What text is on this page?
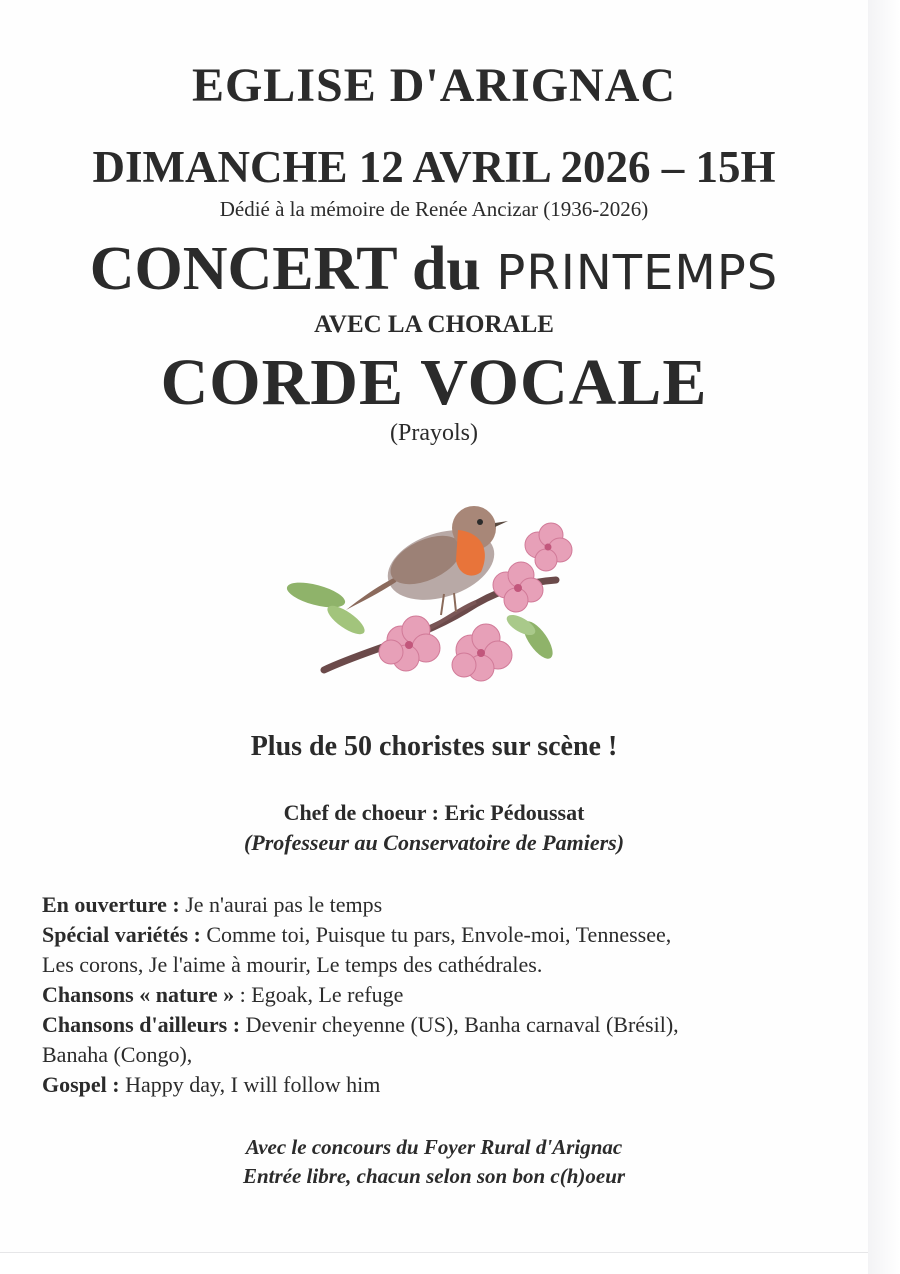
EGLISE D'ARIGNAC
DIMANCHE 12 AVRIL 2026 – 15H
Dédié à la mémoire de Renée Ancizar (1936-2026)
CONCERT du PRINTEMPS
AVEC LA CHORALE
CORDE VOCALE
(Prayols)
Plus de 50 choristes sur scène !
Chef de choeur : Eric Pédoussat
(Professeur au Conservatoire de Pamiers)
En ouverture : Je n'aurai pas le temps
Spécial variétés : Comme toi, Puisque tu pars, Envole-moi, Tennessee,
Les corons, Je l'aime à mourir, Le temps des cathédrales.
Chansons « nature » : Egoak, Le refuge
Chansons d'ailleurs : Devenir cheyenne (US), Banha carnaval (Brésil),
Banaha (Congo),
Gospel : Happy day, I will follow him
Avec le concours du Foyer Rural d'Arignac
Entrée libre, chacun selon son bon c(h)oeur
